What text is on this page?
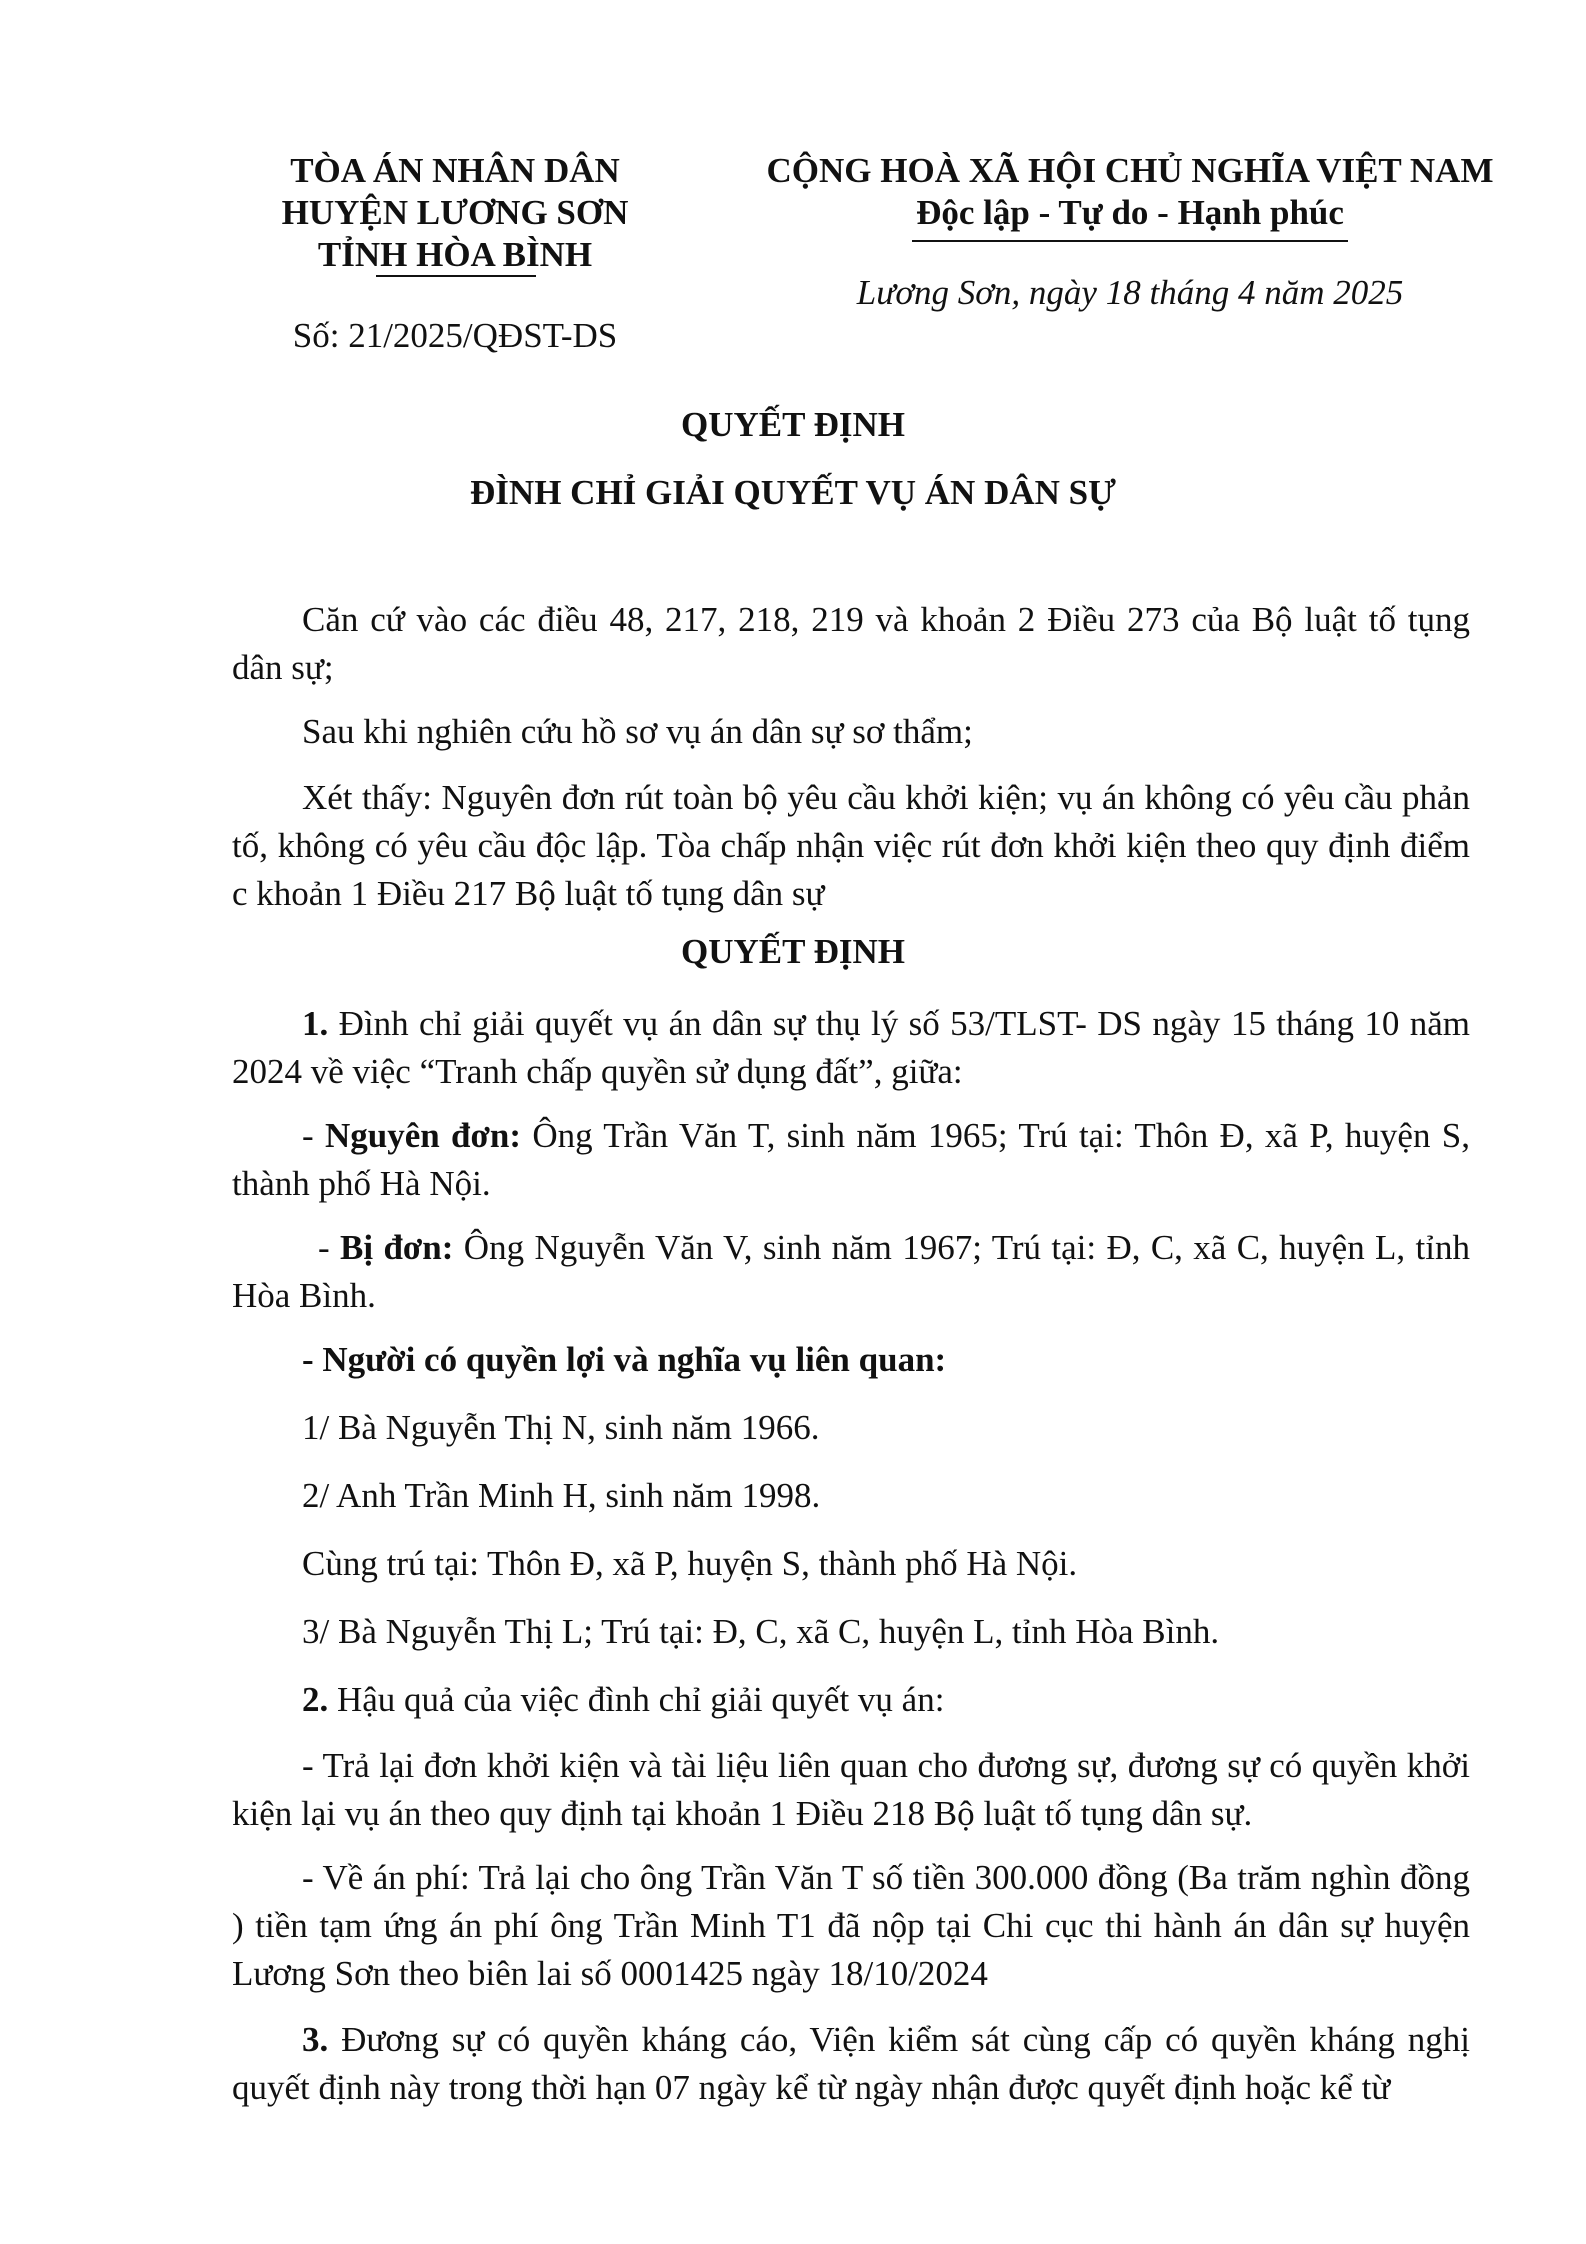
TÒA ÁN NHÂN DÂN
HUYỆN LƯƠNG SƠN
TỈNH HÒA BÌNH
Số: 21/2025/QĐST-DS
CỘNG HOÀ XÃ HỘI CHỦ NGHĨA VIỆT NAM
Độc lập - Tự do - Hạnh phúc
Lương Sơn, ngày 18 tháng 4 năm 2025
QUYẾT ĐỊNH
ĐÌNH CHỈ GIẢI QUYẾT VỤ ÁN DÂN SỰ

Căn cứ vào các điều 48, 217, 218, 219 và khoản 2 Điều 273 của Bộ luật tố tụng dân sự;

Sau khi nghiên cứu hồ sơ vụ án dân sự sơ thẩm;

Xét thấy: Nguyên đơn rút toàn bộ yêu cầu khởi kiện; vụ án không có yêu cầu phản tố, không có yêu cầu độc lập. Tòa chấp nhận việc rút đơn khởi kiện theo quy định điểm c khoản 1 Điều 217 Bộ luật tố tụng dân sự

QUYẾT ĐỊNH

1. Đình chỉ giải quyết vụ án dân sự thụ lý số 53/TLST- DS ngày 15 tháng 10 năm 2024 về việc “Tranh chấp quyền sử dụng đất”, giữa:

- Nguyên đơn: Ông Trần Văn T, sinh năm 1965; Trú tại: Thôn Đ, xã P, huyện S, thành phố Hà Nội.

- Bị đơn: Ông Nguyễn Văn V, sinh năm 1967; Trú tại: Đ, C, xã C, huyện L, tỉnh Hòa Bình.

- Người có quyền lợi và nghĩa vụ liên quan:

1/ Bà Nguyễn Thị N, sinh năm 1966.

2/ Anh Trần Minh H, sinh năm 1998.

Cùng trú tại: Thôn Đ, xã P, huyện S, thành phố Hà Nội.

3/ Bà Nguyễn Thị L; Trú tại: Đ, C, xã C, huyện L, tỉnh Hòa Bình.

2. Hậu quả của việc đình chỉ giải quyết vụ án:

- Trả lại đơn khởi kiện và tài liệu liên quan cho đương sự, đương sự có quyền khởi kiện lại vụ án theo quy định tại khoản 1 Điều 218 Bộ luật tố tụng dân sự.

- Về án phí: Trả lại cho ông Trần Văn T số tiền 300.000 đồng (Ba trăm nghìn đồng ) tiền tạm ứng án phí ông Trần Minh T1 đã nộp tại Chi cục thi hành án dân sự huyện Lương Sơn theo biên lai số 0001425 ngày 18/10/2024

3. Đương sự có quyền kháng cáo, Viện kiểm sát cùng cấp có quyền kháng nghị quyết định này trong thời hạn 07 ngày kể từ ngày nhận được quyết định hoặc kể từ
